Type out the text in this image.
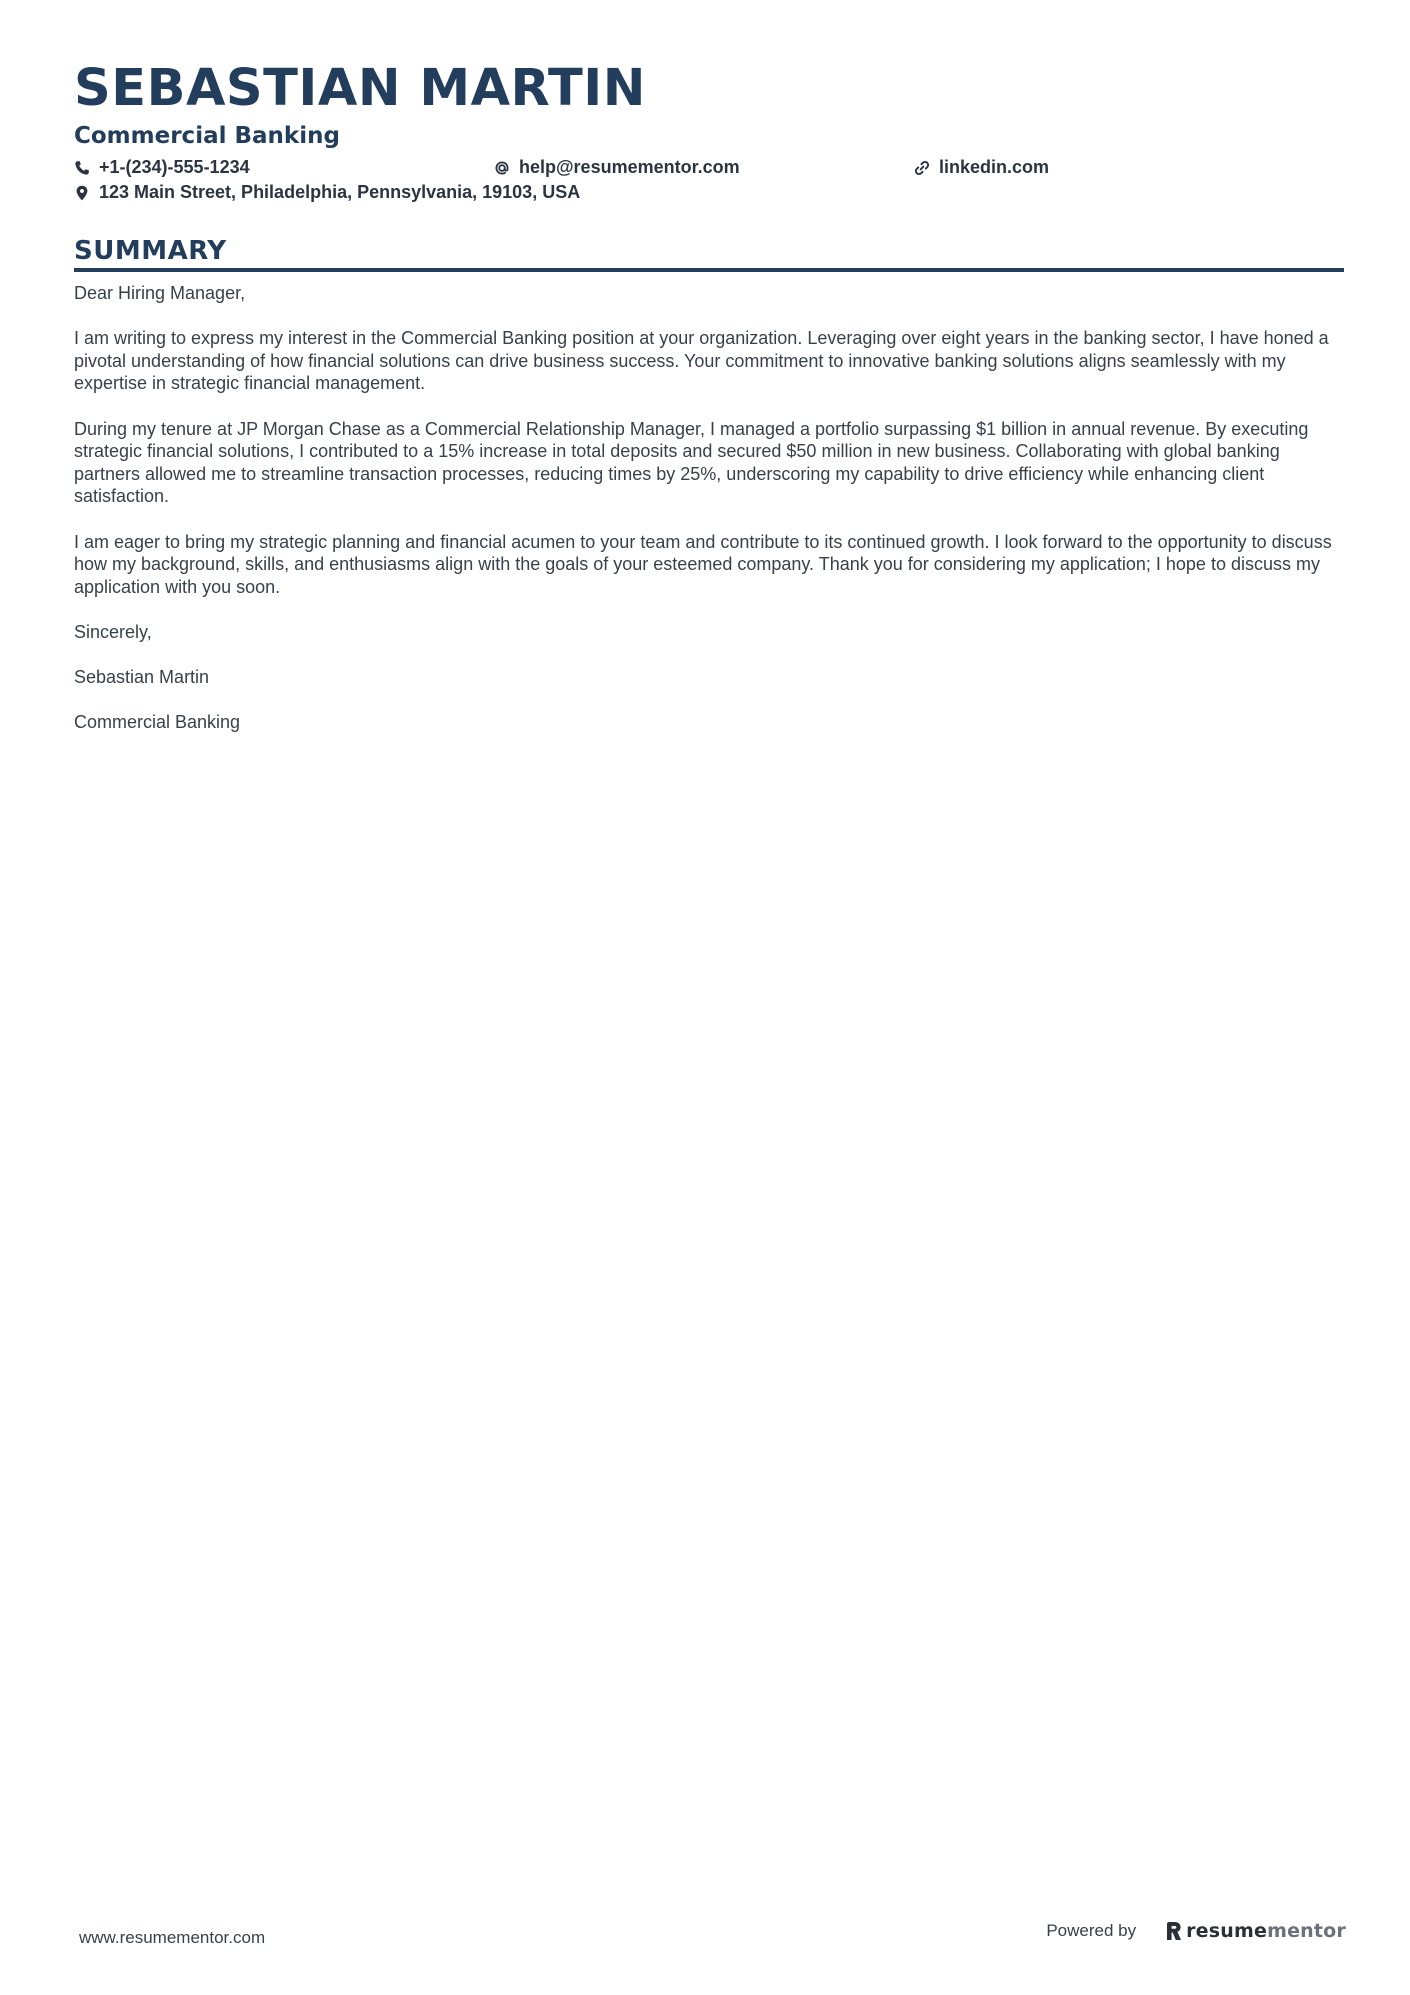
SEBASTIAN MARTIN
Commercial Banking
+1-(234)-555-1234	help@resumementor.com	linkedin.com
123 Main Street, Philadelphia, Pennsylvania, 19103, USA
SUMMARY

Dear Hiring Manager,

I am writing to express my interest in the Commercial Banking position at your organization. Leveraging over eight years in the banking sector, I have honed a pivotal understanding of how financial solutions can drive business success. Your commitment to innovative banking solutions aligns seamlessly with my expertise in strategic financial management.

During my tenure at JP Morgan Chase as a Commercial Relationship Manager, I managed a portfolio surpassing $1 billion in annual revenue. By executing strategic financial solutions, I contributed to a 15% increase in total deposits and secured $50 million in new business. Collaborating with global banking partners allowed me to streamline transaction processes, reducing times by 25%, underscoring my capability to drive efficiency while enhancing client satisfaction.

I am eager to bring my strategic planning and financial acumen to your team and contribute to its continued growth. I look forward to the opportunity to discuss how my background, skills, and enthusiasms align with the goals of your esteemed company. Thank you for considering my application; I hope to discuss my application with you soon.

Sincerely,

Sebastian Martin

Commercial Banking

www.resumementor.com	Powered by	resumementor
